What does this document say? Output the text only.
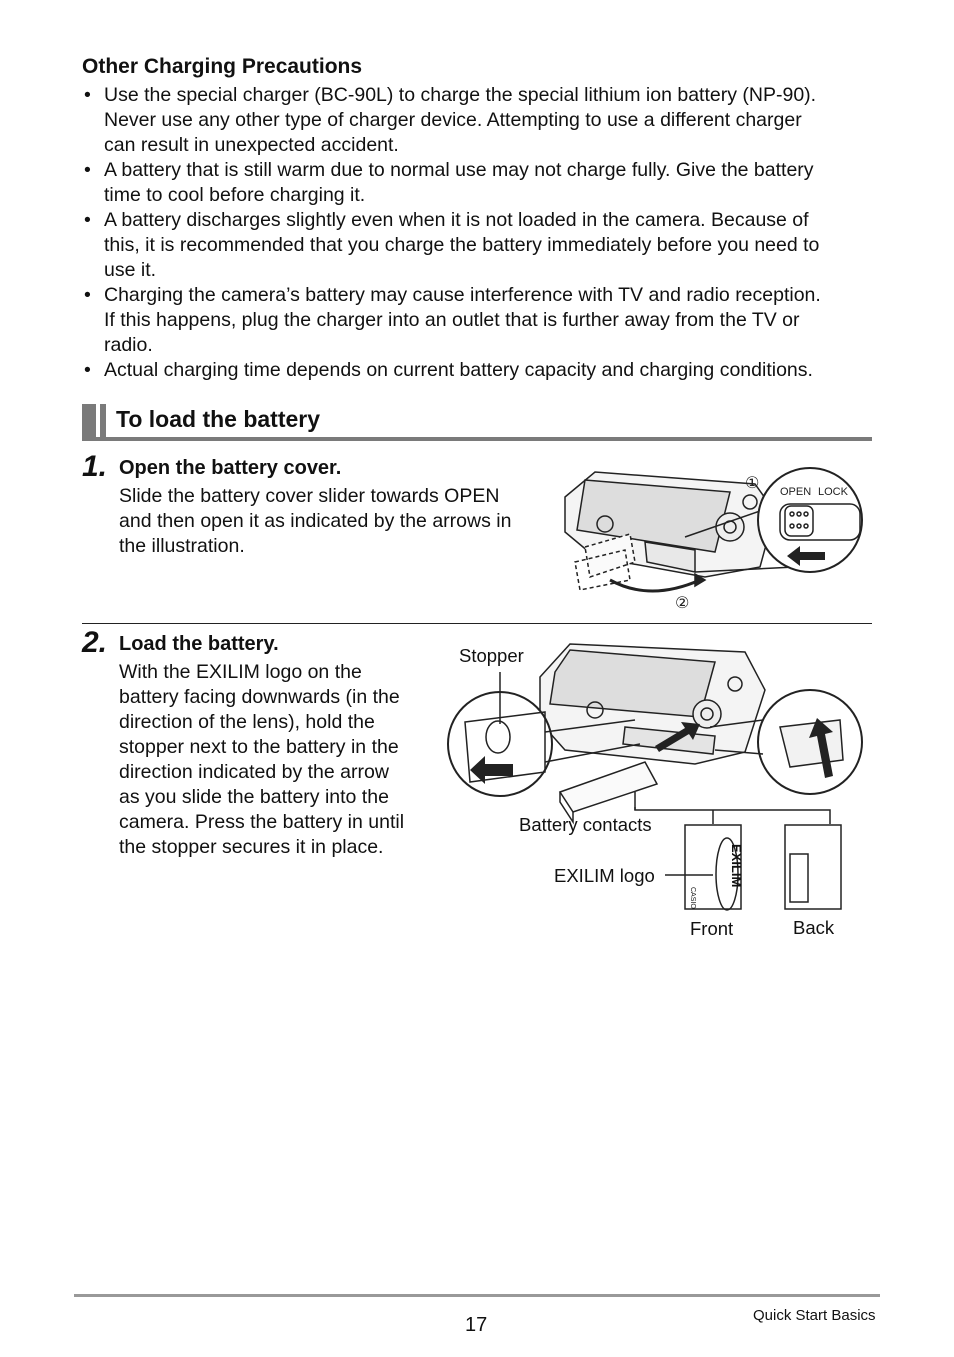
Other Charging Precautions
• Use the special charger (BC-90L) to charge the special lithium ion battery (NP-90).
Never use any other type of charger device. Attempting to use a different charger
can result in unexpected accident.
• A battery that is still warm due to normal use may not charge fully. Give the battery
time to cool before charging it.
• A battery discharges slightly even when it is not loaded in the camera. Because of
this, it is recommended that you charge the battery immediately before you need to
use it.
• Charging the camera’s battery may cause interference with TV and radio reception.
If this happens, plug the charger into an outlet that is further away from the TV or
radio.
• Actual charging time depends on current battery capacity and charging conditions.
To load the battery
1. Open the battery cover.

Slide the battery cover slider towards OPEN

and then open it as indicated by the arrows in

the illustration.

①
②
OPEN LOCK
2. Load the battery.

With the EXILIM logo on the

battery facing downwards (in the

direction of the lens), hold the

stopper next to the battery in the

direction indicated by the arrow

as you slide the battery into the

camera. Press the battery in until

the stopper secures it in place.

Stopper
Battery contacts
EXILIM logo
Front	Back
EXILIM
CASIO
17	Quick Start Basics
